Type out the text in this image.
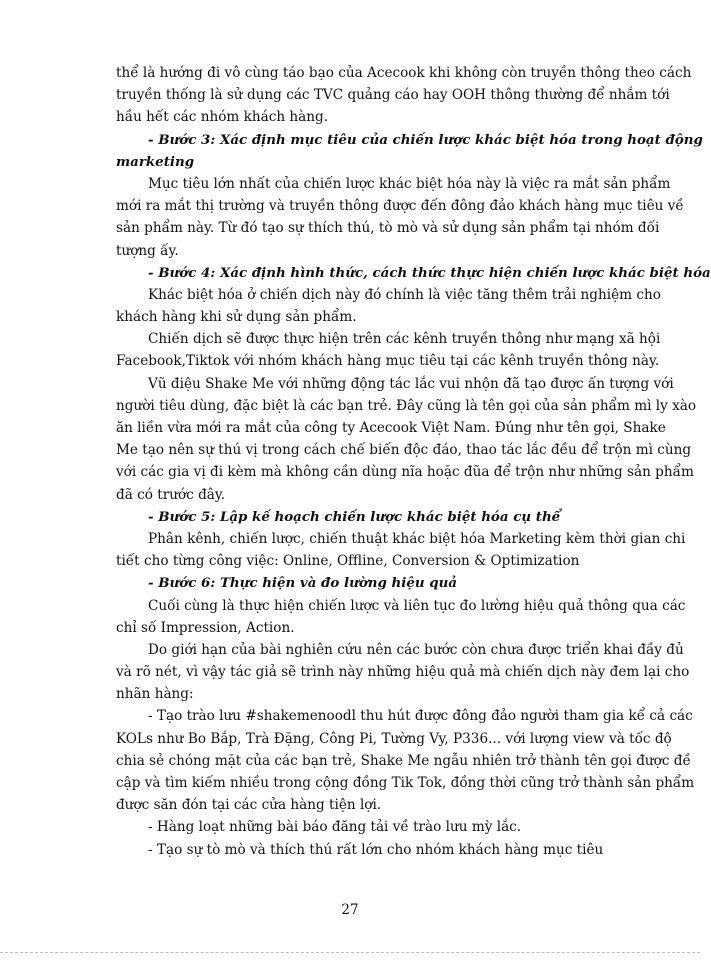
thể là hướng đi vô cùng táo bạo của Acecook khi không còn truyền thông theo cách
truyền thống là sử dụng các TVC quảng cáo hay OOH thông thường để nhắm tới
hầu hết các nhóm khách hàng.
- Bước 3: Xác định mục tiêu của chiến lược khác biệt hóa trong hoạt động
marketing
Mục tiêu lớn nhất của chiến lược khác biệt hóa này là việc ra mắt sản phẩm
mới ra mắt thị trường và truyền thông được đến đông đảo khách hàng mục tiêu về
sản phẩm này. Từ đó tạo sự thích thú, tò mò và sử dụng sản phẩm tại nhóm đối
tượng ấy.
- Bước 4: Xác định hình thức, cách thức thực hiện chiến lược khác biệt hóa
Khác biệt hóa ở chiến dịch này đó chính là việc tăng thêm trải nghiệm cho
khách hàng khi sử dụng sản phẩm.
Chiến dịch sẽ được thực hiện trên các kênh truyền thông như mạng xã hội
Facebook,Tiktok với nhóm khách hàng mục tiêu tại các kênh truyền thông này.
Vũ điệu Shake Me với những động tác lắc vui nhộn đã tạo được ấn tượng với
người tiêu dùng, đặc biệt là các bạn trẻ. Đây cũng là tên gọi của sản phẩm mì ly xào
ăn liền vừa mới ra mắt của công ty Acecook Việt Nam. Đúng như tên gọi, Shake
Me tạo nên sự thú vị trong cách chế biến độc đáo, thao tác lắc đều để trộn mì cùng
với các gia vị đi kèm mà không cần dùng nĩa hoặc đũa để trộn như những sản phẩm
đã có trước đây.
- Bước 5: Lập kế hoạch chiến lược khác biệt hóa cụ thể
Phân kênh, chiến lược, chiến thuật khác biệt hóa Marketing kèm thời gian chi
tiết cho từng công việc: Online, Offline, Conversion & Optimization
- Bước 6: Thực hiện và đo lường hiệu quả
Cuối cùng là thực hiện chiến lược và liên tục đo lường hiệu quả thông qua các
chỉ số Impression, Action.
Do giới hạn của bài nghiên cứu nên các bước còn chưa được triển khai đầy đủ
và rõ nét, vì vậy tác giả sẽ trình này những hiệu quả mà chiến dịch này đem lại cho
nhãn hàng:
- Tạo trào lưu #shakemenoodl thu hút được đông đảo người tham gia kể cả các
KOLs như Bo Bắp, Trà Đặng, Công Pi, Tường Vy, P336... với lượng view và tốc độ
chia sẻ chóng mặt của các bạn trẻ, Shake Me ngẫu nhiên trở thành tên gọi được đề
cập và tìm kiếm nhiều trong cộng đồng Tik Tok, đồng thời cũng trở thành sản phẩm
được săn đón tại các cửa hàng tiện lợi.
- Hàng loạt những bài báo đăng tải về trào lưu mỳ lắc.
- Tạo sự tò mò và thích thú rất lớn cho nhóm khách hàng mục tiêu
27
